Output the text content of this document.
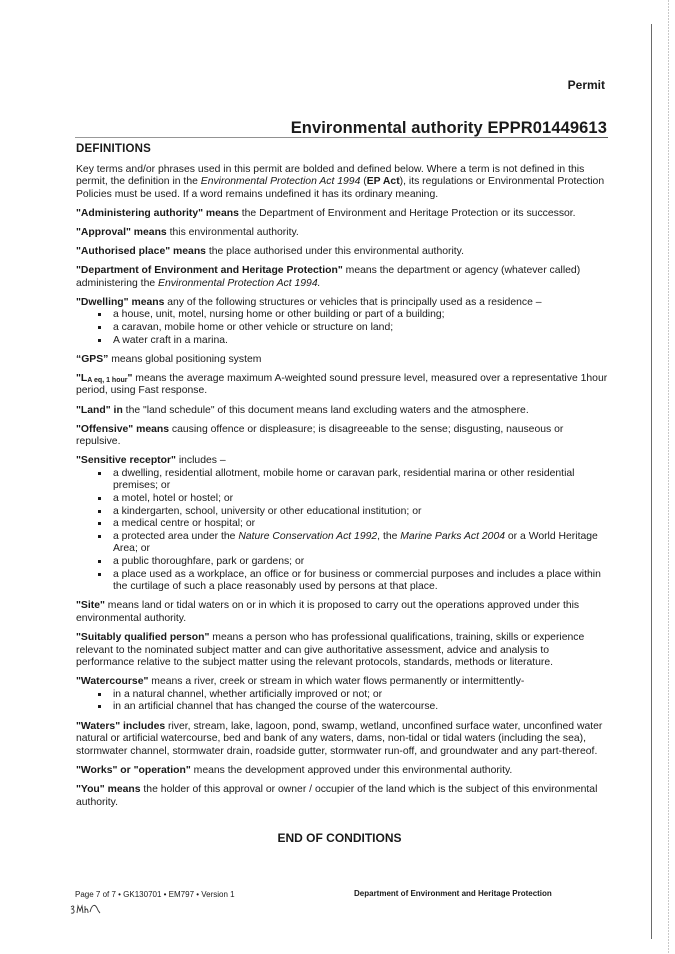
Permit
Environmental authority EPPR01449613
DEFINITIONS

Key terms and/or phrases used in this permit are bolded and defined below. Where a term is not defined in this permit, the definition in the Environmental Protection Act 1994 (EP Act), its regulations or Environmental Protection Policies must be used. If a word remains undefined it has its ordinary meaning.

"Administering authority" means the Department of Environment and Heritage Protection or its successor.
"Approval" means this environmental authority.
"Authorised place" means the place authorised under this environmental authority.
"Department of Environment and Heritage Protection" means the department or agency (whatever called) administering the Environmental Protection Act 1994.
"Dwelling" means any of the following structures or vehicles that is principally used as a residence –
a house, unit, motel, nursing home or other building or part of a building;
a caravan, mobile home or other vehicle or structure on land;
A water craft in a marina.
“GPS” means global positioning system
"$L_{A eq, 1 hour}$" means the average maximum A-weighted sound pressure level, measured over a representative 1hour period, using Fast response.
"Land" in the "land schedule" of this document means land excluding waters and the atmosphere.
"Offensive" means causing offence or displeasure; is disagreeable to the sense; disgusting, nauseous or repulsive.
"Sensitive receptor" includes –
a dwelling, residential allotment, mobile home or caravan park, residential marina or other residential premises; or
a motel, hotel or hostel; or
a kindergarten, school, university or other educational institution; or
a medical centre or hospital; or
a protected area under the Nature Conservation Act 1992, the Marine Parks Act 2004 or a World Heritage Area; or
a public thoroughfare, park or gardens; or
a place used as a workplace, an office or for business or commercial purposes and includes a place within the curtilage of such a place reasonably used by persons at that place.
"Site" means land or tidal waters on or in which it is proposed to carry out the operations approved under this environmental authority.
"Suitably qualified person" means a person who has professional qualifications, training, skills or experience relevant to the nominated subject matter and can give authoritative assessment, advice and analysis to performance relative to the subject matter using the relevant protocols, standards, methods or literature.
"Watercourse" means a river, creek or stream in which water flows permanently or intermittently-
in a natural channel, whether artificially improved or not; or
in an artificial channel that has changed the course of the watercourse.
"Waters" includes river, stream, lake, lagoon, pond, swamp, wetland, unconfined surface water, unconfined water natural or artificial watercourse, bed and bank of any waters, dams, non-tidal or tidal waters (including the sea), stormwater channel, stormwater drain, roadside gutter, stormwater run-off, and groundwater and any part-thereof.
"Works" or "operation" means the development approved under this environmental authority.
"You" means the holder of this approval or owner / occupier of the land which is the subject of this environmental authority.
END OF CONDITIONS
Page 7 of 7 • GK130701 • EM797 • Version 1	Department of Environment and Heritage Protection
